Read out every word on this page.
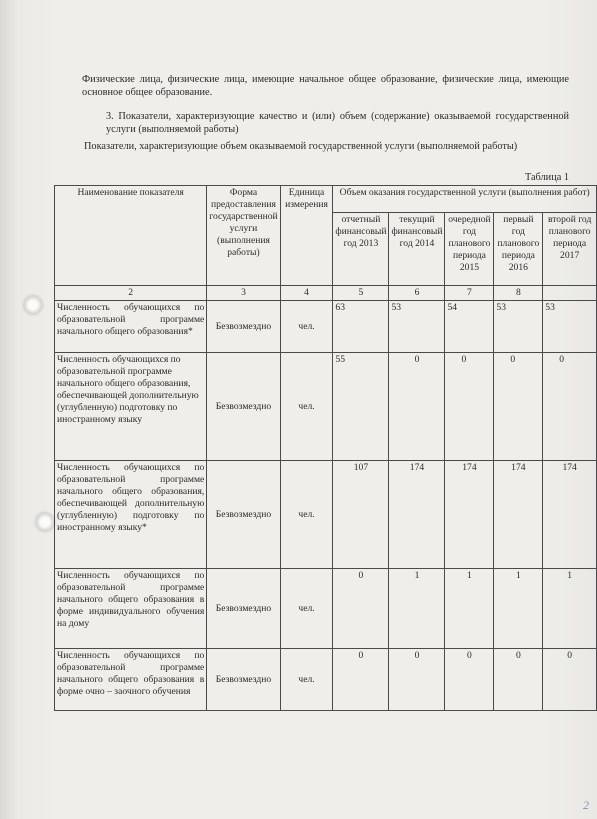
Физические лица, физические лица, имеющие начальное общее образование, физические лица, имеющие основное общее образование.
3. Показатели, характеризующие качество и (или) объем (содержание) оказываемой государственной услуги (выполняемой работы)
Показатели, характеризующие объем оказываемой государственной услуги (выполняемой работы)
Таблица 1
Наименование показателя	Форма предоставления государственной услуги (выполнения работы)	Единица измерения	Объем оказания государственной услуги (выполнения работ)				
			отчетный финансовый год 2013	текущий финансовый год 2014	очередной год планового периода 2015	первый год планового периода 2016	второй год планового периода 2017
2	3	4	5	6	7	8	
Численность обучающихся по образовательной программе начального общего образования*	Безвозмездно	чел.	63	53	54	53	53
Численность обучающихся по образовательной программе начального общего образования, обеспечивающей дополнительную (углубленную) подготовку по иностранному языку	Безвозмездно	чел.	55	0	0	0	0
Численность обучающихся по образовательной программе начального общего образования, обеспечивающей дополнительную (углубленную) подготовку по иностранному языку*	Безвозмездно	чел.	107	174	174	174	174
Численность обучающихся по образовательной программе начального общего образования в форме индивидуального обучения на дому	Безвозмездно	чел.	0	1	1	1	1
Численность обучающихся по образовательной программе начального общего образования в форме очно – заочного обучения	Безвозмездно	чел.	0	0	0	0	0
2
